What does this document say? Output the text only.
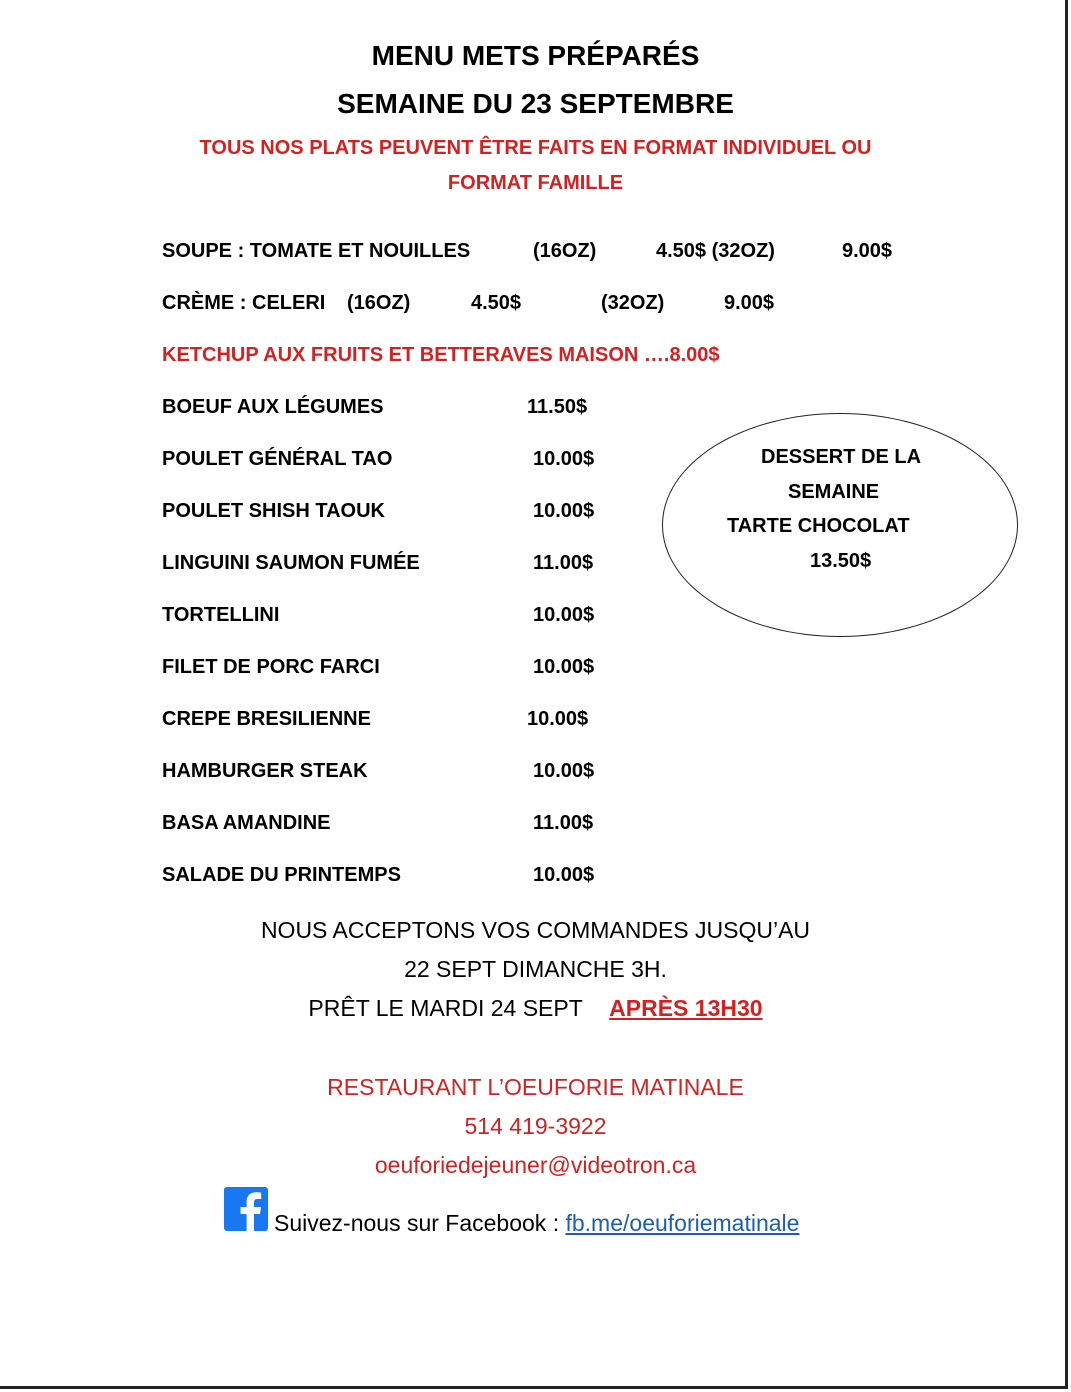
MENU METS PRÉPARÉS
SEMAINE DU 23 SEPTEMBRE
TOUS NOS PLATS PEUVENT ÊTRE FAITS EN FORMAT INDIVIDUEL OU
FORMAT FAMILLE
SOUPE : TOMATE ET NOUILLES	(16OZ)	4.50$ (32OZ)	9.00$
CRÈME : CELERI (16OZ)	4.50$	(32OZ)	9.00$
KETCHUP AUX FRUITS ET BETTERAVES MAISON ….8.00$
BOEUF AUX LÉGUMES	11.50$
POULET GÉNÉRAL TAO	10.00$
POULET SHISH TAOUK	10.00$
LINGUINI SAUMON FUMÉE	11.00$
TORTELLINI	10.00$
FILET DE PORC FARCI	10.00$
CREPE BRESILIENNE	10.00$
HAMBURGER STEAK	10.00$
BASA AMANDINE	11.00$
SALADE DU PRINTEMPS	10.00$
DESSERT DE LA
SEMAINE
TARTE CHOCOLAT
13.50$
NOUS ACCEPTONS VOS COMMANDES JUSQU’AU
22 SEPT DIMANCHE 3H.
PRÊT LE MARDI 24 SEPT APRÈS 13H30
RESTAURANT L’OEUFORIE MATINALE
514 419-3922
oeuforiedejeuner@videotron.ca
Suivez-nous sur Facebook : fb.me/oeuforiematinale
